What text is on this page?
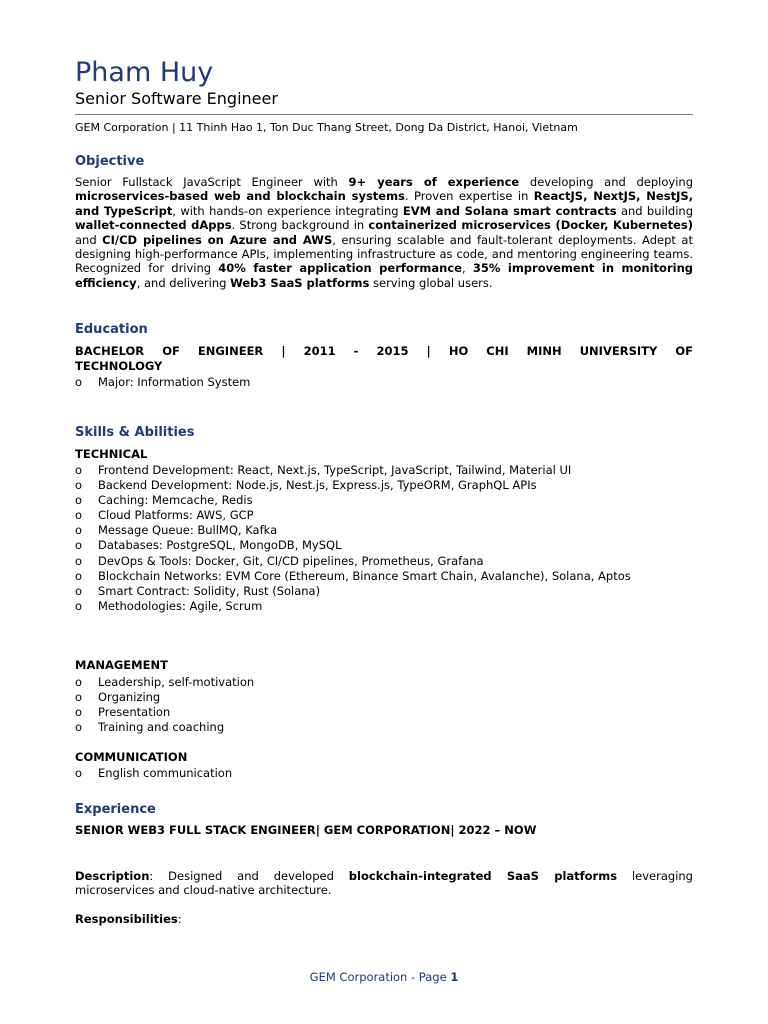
Pham Huy
Senior Software Engineer
GEM Corporation | 11 Thinh Hao 1, Ton Duc Thang Street, Dong Da District, Hanoi, Vietnam
Objective
Senior Fullstack JavaScript Engineer with 9+ years of experience developing and deploying microservices-based web and blockchain systems. Proven expertise in ReactJS, NextJS, NestJS, and TypeScript, with hands-on experience integrating EVM and Solana smart contracts and building wallet-connected dApps. Strong background in containerized microservices (Docker, Kubernetes) and CI/CD pipelines on Azure and AWS, ensuring scalable and fault-tolerant deployments. Adept at designing high-performance APIs, implementing infrastructure as code, and mentoring engineering teams. Recognized for driving 40% faster application performance, 35% improvement in monitoring efficiency, and delivering Web3 SaaS platforms serving global users.
Education
BACHELOR OF ENGINEER | 2011 - 2015 | HO CHI MINH UNIVERSITY OF
TECHNOLOGY
o Major: Information System
Skills & Abilities
TECHNICAL
o Frontend Development: React, Next.js, TypeScript, JavaScript, Tailwind, Material UI
o Backend Development: Node.js, Nest.js, Express.js, TypeORM, GraphQL APIs
o Caching: Memcache, Redis
o Cloud Platforms: AWS, GCP
o Message Queue: BullMQ, Kafka
o Databases: PostgreSQL, MongoDB, MySQL
o DevOps & Tools: Docker, Git, CI/CD pipelines, Prometheus, Grafana
o Blockchain Networks: EVM Core (Ethereum, Binance Smart Chain, Avalanche), Solana, Aptos
o Smart Contract: Solidity, Rust (Solana)
o Methodologies: Agile, Scrum
MANAGEMENT
o Leadership, self-motivation
o Organizing
o Presentation
o Training and coaching
COMMUNICATION
o English communication
Experience
SENIOR WEB3 FULL STACK ENGINEER| GEM CORPORATION| 2022 – NOW
Description: Designed and developed blockchain-integrated SaaS platforms leveraging microservices and cloud-native architecture.
Responsibilities:
GEM Corporation - Page 1
